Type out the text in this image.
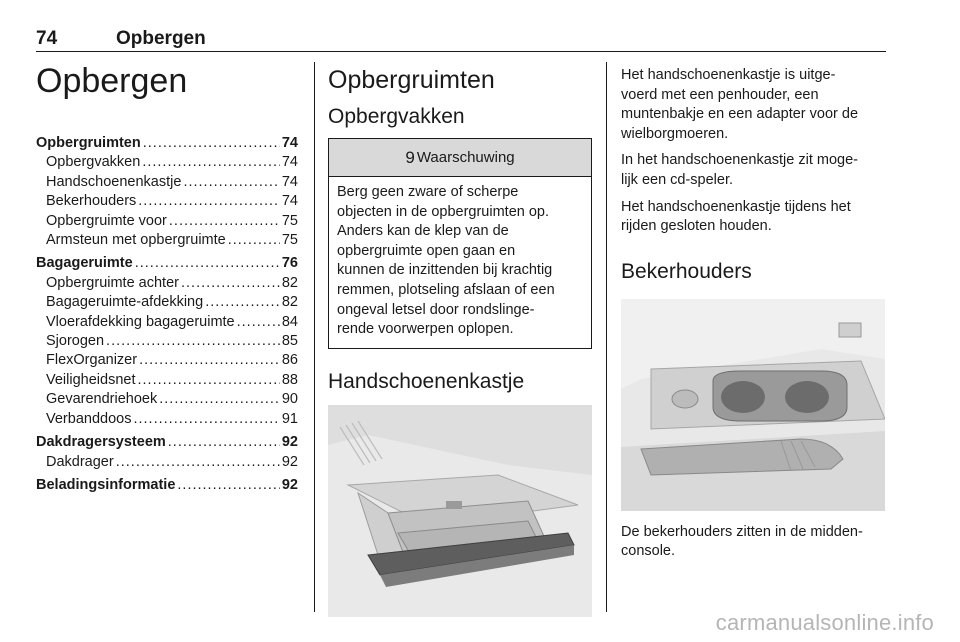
74	Opbergen
Opbergen
Opbergruimten .....	74
Opbergvakken .....	74
Handschoenenkastje .....	74
Bekerhouders .....	74
Opbergruimte voor .....	75
Armsteun met opbergruimte .....	75
Bagageruimte .....	76
Opbergruimte achter .....	82
Bagageruimte-afdekking .....	82
Vloerafdekking bagageruimte .....	84
Sjorogen .....	85
FlexOrganizer .....	86
Veiligheidsnet .....	88
Gevarendriehoek .....	90
Verbanddoos .....	91
Dakdragersysteem .....	92
Dakdrager .....	92
Beladingsinformatie .....	92
Opbergruimten
Opbergvakken
9 Waarschuwing
Berg geen zware of scherpe
objecten in de opbergruimten op.
Anders kan de klep van de
opbergruimte open gaan en
kunnen de inzittenden bij krachtig
remmen, plotseling afslaan of een
ongeval letsel door rondslinge-
rende voorwerpen oplopen.
Handschoenenkastje
Het handschoenenkastje is uitge-
voerd met een penhouder, een
muntenbakje en een adapter voor de
wielborgmoeren.
In het handschoenenkastje zit moge-
lijk een cd-speler.
Het handschoenenkastje tijdens het
rijden gesloten houden.
Bekerhouders
De bekerhouders zitten in de midden-
console.
carmanualsonline.info
